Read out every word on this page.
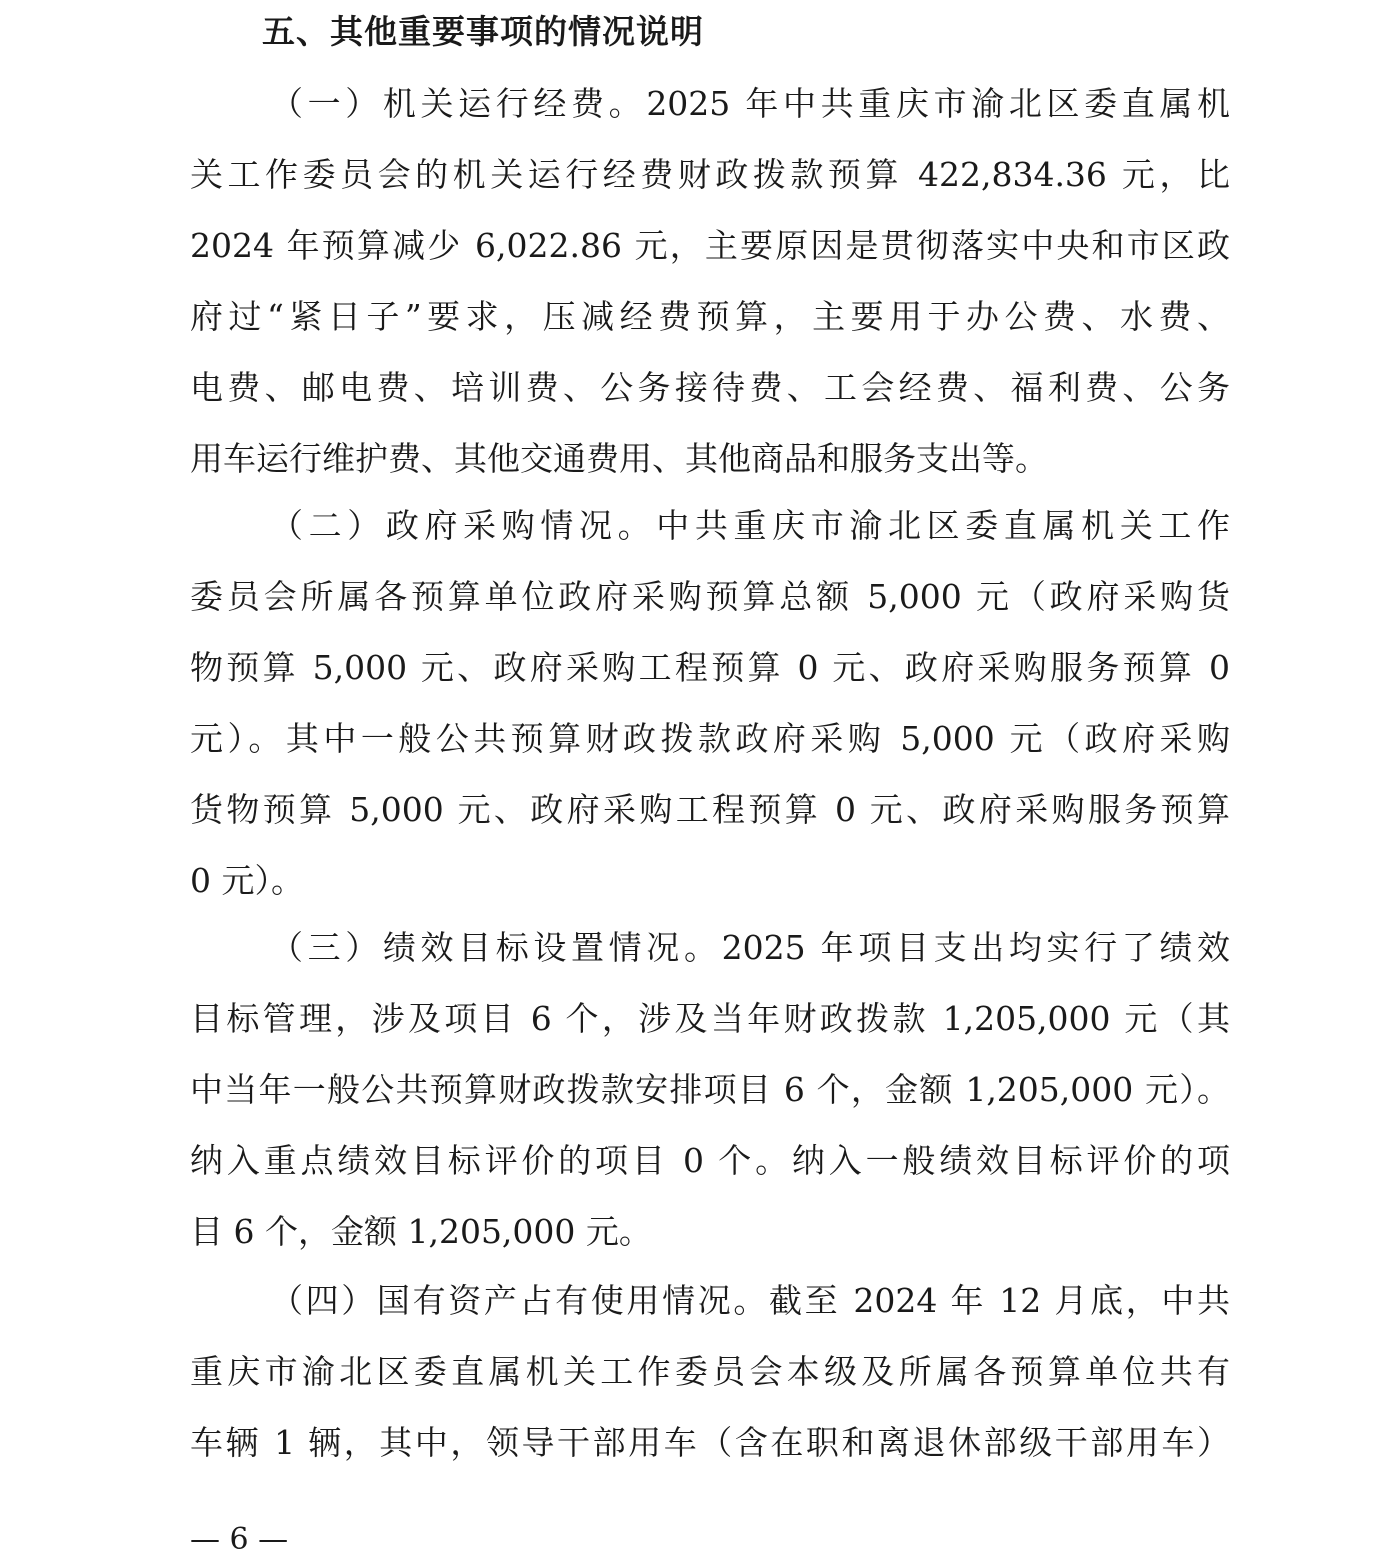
五、其他重要事项的情况说明
（一）机关运行经费。2025 年中共重庆市渝北区委直属机
关工作委员会的机关运行经费财政拨款预算 422,834.36 元，比
2024 年预算减少 6,022.86 元，主要原因是贯彻落实中央和市区政
府过“紧日子”要求，压减经费预算，主要用于办公费、水费、
电费、邮电费、培训费、公务接待费、工会经费、福利费、公务
用车运行维护费、其他交通费用、其他商品和服务支出等。
（二）政府采购情况。中共重庆市渝北区委直属机关工作
委员会所属各预算单位政府采购预算总额 5,000 元（政府采购货
物预算 5,000 元、政府采购工程预算 0 元、政府采购服务预算 0
元）。其中一般公共预算财政拨款政府采购 5,000 元（政府采购
货物预算 5,000 元、政府采购工程预算 0 元、政府采购服务预算
0 元）。
（三）绩效目标设置情况。2025 年项目支出均实行了绩效
目标管理，涉及项目 6 个，涉及当年财政拨款 1,205,000 元（其
中当年一般公共预算财政拨款安排项目 6 个，金额 1,205,000 元）。
纳入重点绩效目标评价的项目 0 个。纳入一般绩效目标评价的项
目 6 个，金额 1,205,000 元。
（四）国有资产占有使用情况。截至 2024 年 12 月底，中共
重庆市渝北区委直属机关工作委员会本级及所属各预算单位共有
车辆 1 辆，其中，领导干部用车（含在职和离退休部级干部用车）
— 6 —
